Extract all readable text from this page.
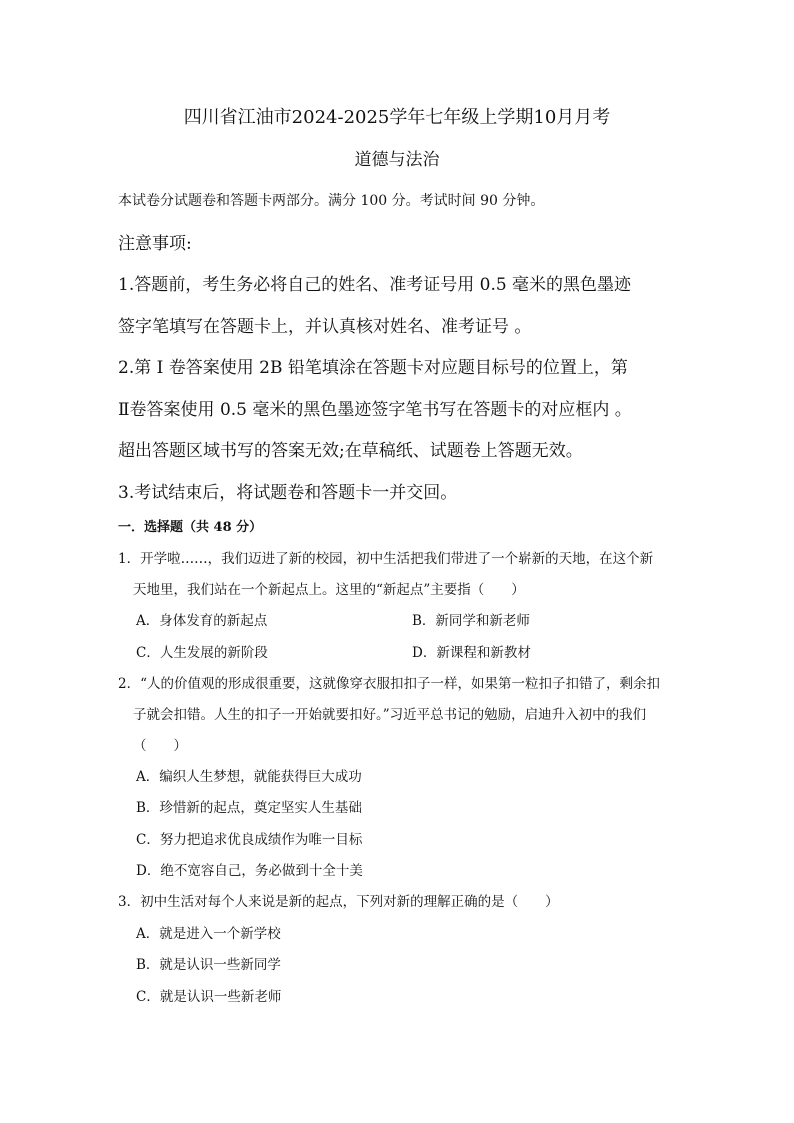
四川省江油市2024-2025学年七年级上学期10月月考
道德与法治
本试卷分试题卷和答题卡两部分。满分 100 分。考试时间 90 分钟。
注意事项:
1.答题前，考生务必将自己的姓名、准考证号用 0.5 毫米的黑色墨迹
签字笔填写在答题卡上，并认真核对姓名、准考证号 。
2.第 I 卷答案使用 2B 铅笔填涂在答题卡对应题目标号的位置上，第
Ⅱ卷答案使用 0.5 毫米的黑色墨迹签字笔书写在答题卡的对应框内 。
超出答题区域书写的答案无效;在草稿纸、试题卷上答题无效。
3.考试结束后，将试题卷和答题卡一并交回。
一．选择题（共 48 分）
1．开学啦……，我们迈进了新的校园，初中生活把我们带进了一个崭新的天地，在这个新
天地里，我们站在一个新起点上。这里的“新起点”主要指（　　）
A．身体发育的新起点	B．新同学和新老师
C．人生发展的新阶段	D．新课程和新教材
2．“人的价值观的形成很重要，这就像穿衣服扣扣子一样，如果第一粒扣子扣错了，剩余扣
子就会扣错。人生的扣子一开始就要扣好。”习近平总书记的勉励，启迪升入初中的我们
（　　）
A．编织人生梦想，就能获得巨大成功
B．珍惜新的起点，奠定坚实人生基础
C．努力把追求优良成绩作为唯一目标
D．绝不宽容自己，务必做到十全十美
3．初中生活对每个人来说是新的起点，下列对新的理解正确的是（　　）
A．就是进入一个新学校
B．就是认识一些新同学
C．就是认识一些新老师
